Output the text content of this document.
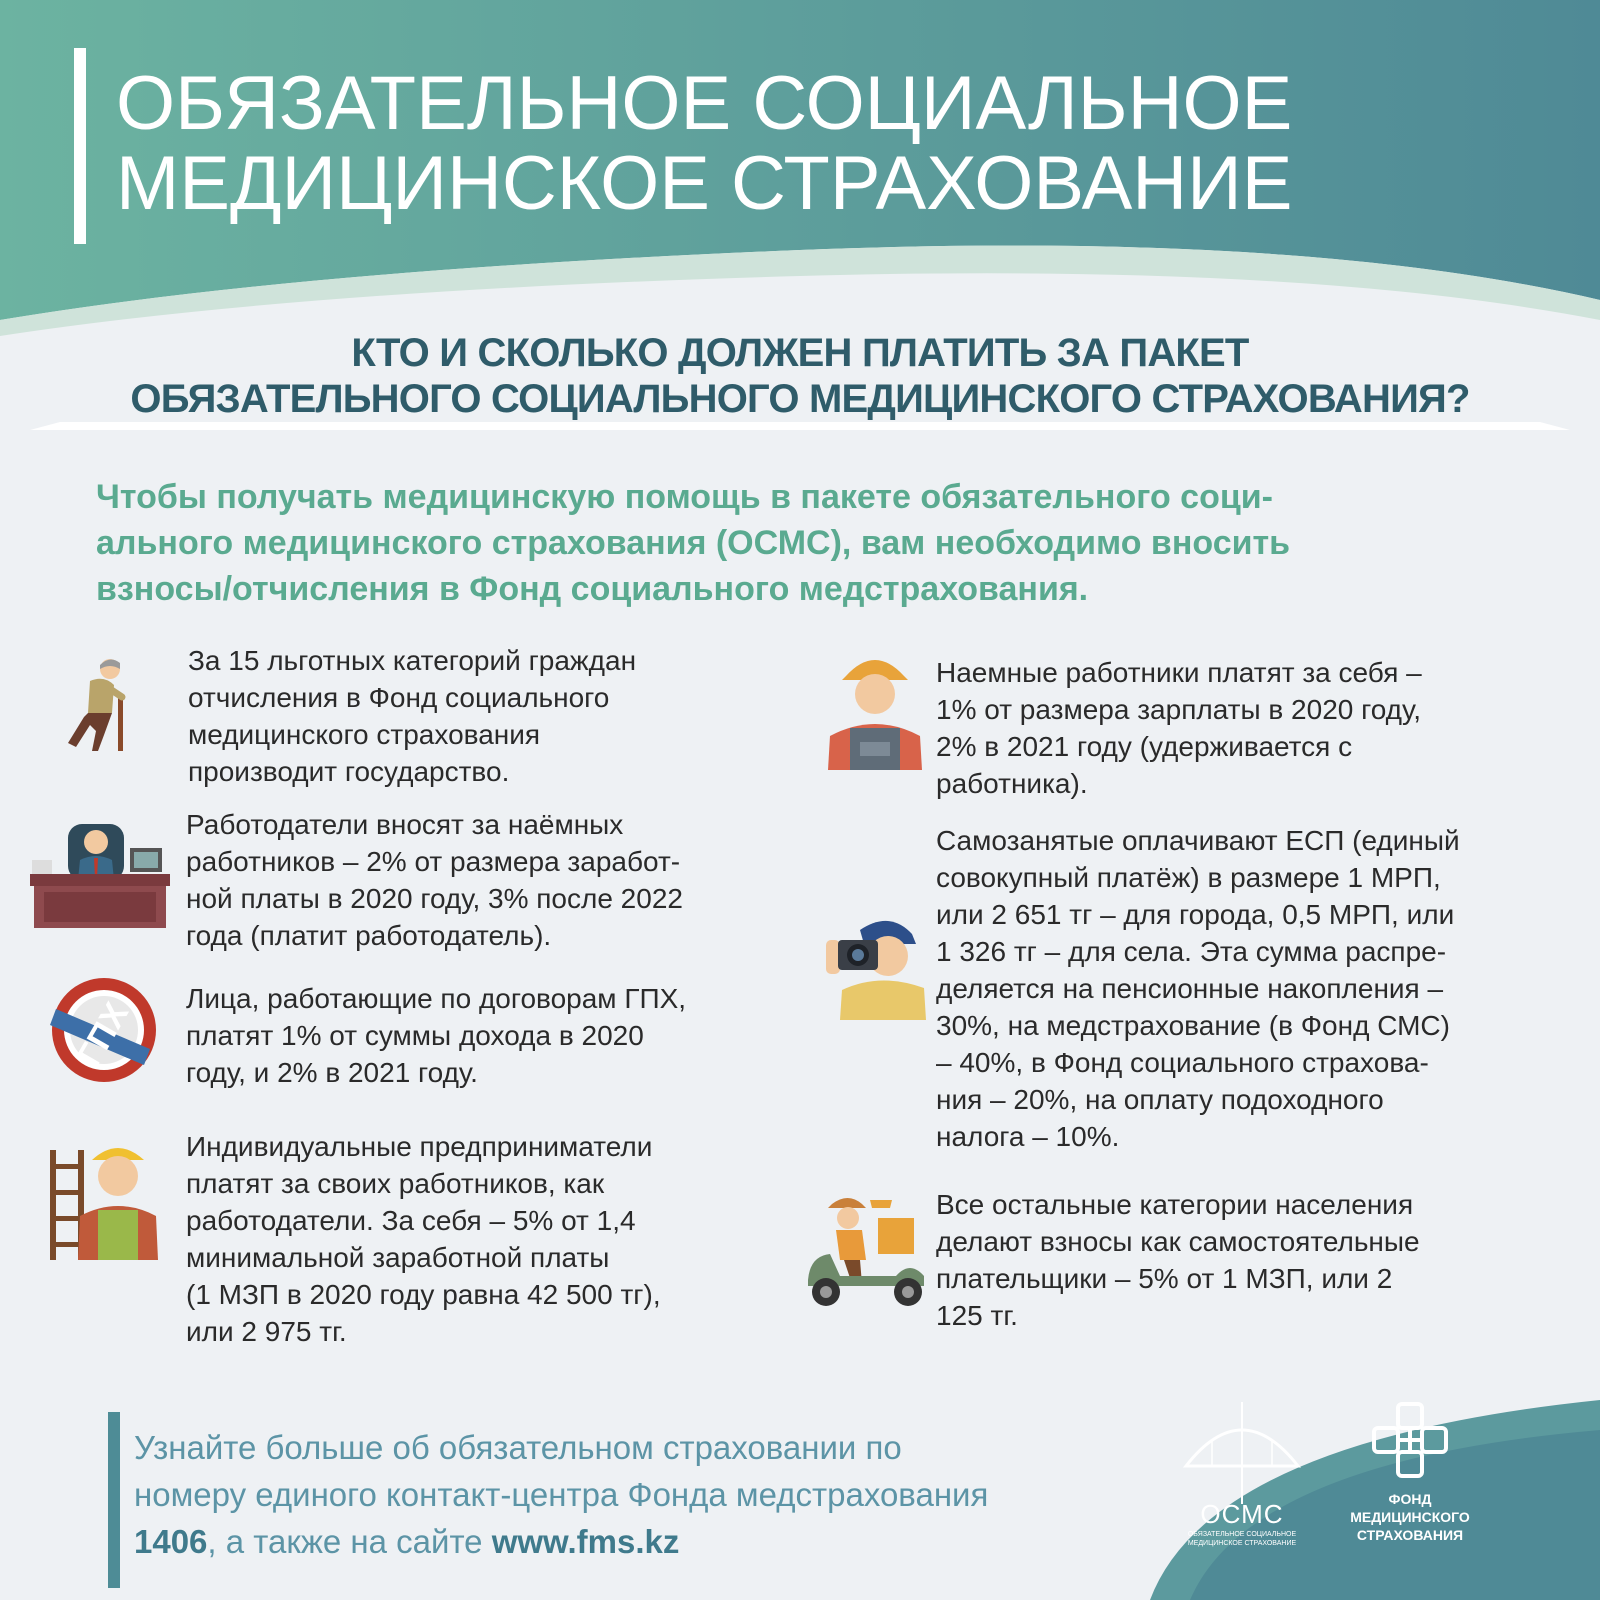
ОБЯЗАТЕЛЬНОЕ СОЦИАЛЬНОЕ
МЕДИЦИНСКОЕ СТРАХОВАНИЕ
КТО И СКОЛЬКО ДОЛЖЕН ПЛАТИТЬ ЗА ПАКЕТ
ОБЯЗАТЕЛЬНОГО СОЦИАЛЬНОГО МЕДИЦИНСКОГО СТРАХОВАНИЯ?
Чтобы получать медицинскую помощь в пакете обязательного соци-
ального медицинского страхования (ОСМС), вам необходимо вносить
взносы/отчисления в Фонд социального медстрахования.
За 15 льготных категорий граждан
отчисления в Фонд социального
медицинского страхования
производит государство.
Работодатели вносят за наёмных
работников – 2% от размера заработ-
ной платы в 2020 году, 3% после 2022
года (платит работодатель).
ГПХ Лица, работающие по договорам ГПХ,
платят 1% от суммы дохода в 2020
году, и 2% в 2021 году.
Индивидуальные предприниматели
платят за своих работников, как
работодатели. За себя – 5% от 1,4
минимальной заработной платы
(1 МЗП в 2020 году равна 42 500 тг),
или 2 975 тг.
Наемные работники платят за себя –
1% от размера зарплаты в 2020 году,
2% в 2021 году (удерживается с
работника).
Самозанятые оплачивают ЕСП (единый
совокупный платёж) в размере 1 МРП,
или 2 651 тг – для города, 0,5 МРП, или
1 326 тг – для села. Эта сумма распре-
деляется на пенсионные накопления –
30%, на медстрахование (в Фонд СМС)
– 40%, в Фонд социального страхова-
ния – 20%, на оплату подоходного
налога – 10%.
Все остальные категории населения
делают взносы как самостоятельные
плательщики – 5% от 1 МЗП, или 2
125 тг.
Узнайте больше об обязательном страховании по
номеру единого контакт-центра Фонда медстрахования
1406, а также на сайте www.fms.kz
ОСМС
ОБЯЗАТЕЛЬНОЕ СОЦИАЛЬНОЕ
МЕДИЦИНСКОЕ СТРАХОВАНИЕ
ФОНД
МЕДИЦИНСКОГО
СТРАХОВАНИЯ
